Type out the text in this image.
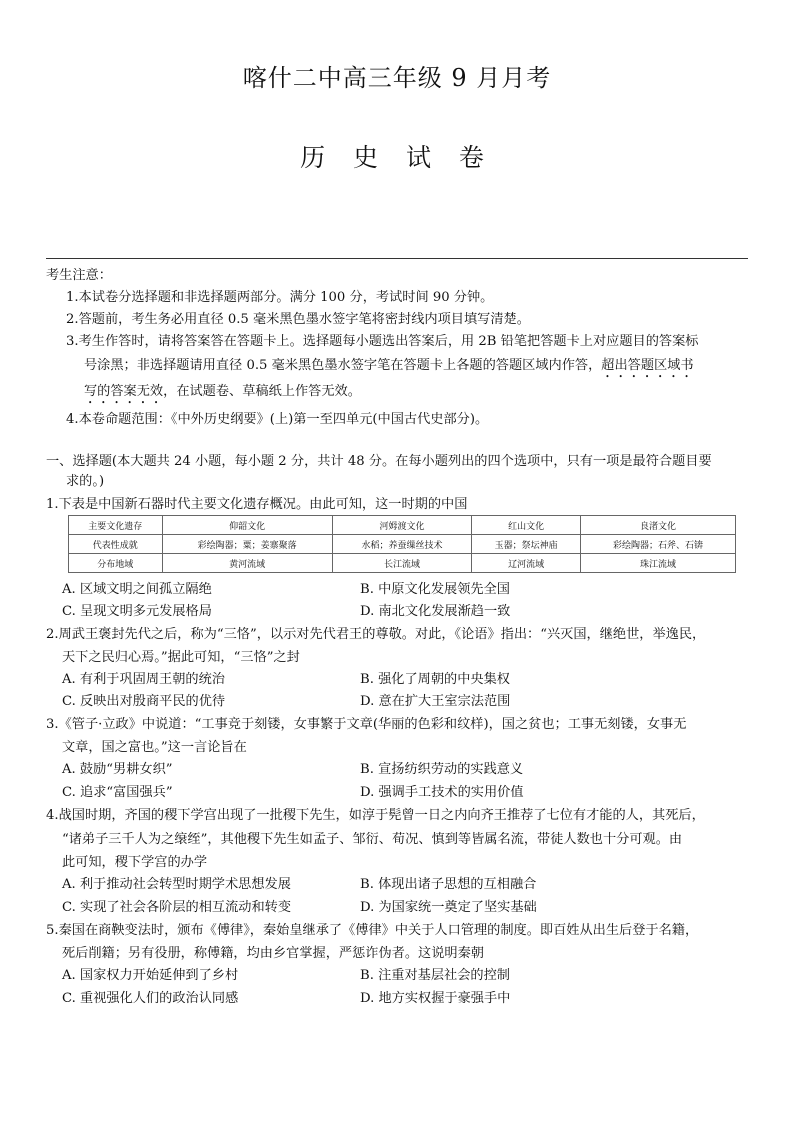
喀什二中高三年级 9 月月考
历 史 试 卷
考生注意：
1.本试卷分选择题和非选择题两部分。满分 100 分，考试时间 90 分钟。
2.答题前，考生务必用直径 0.5 毫米黑色墨水签字笔将密封线内项目填写清楚。
3.考生作答时，请将答案答在答题卡上。选择题每小题选出答案后，用 2B 铅笔把答题卡上对应题目的答案标
号涂黑；非选择题请用直径 0.5 毫米黑色墨水签字笔在答题卡上各题的答题区域内作答，超出答题区域书
写的答案无效，在试题卷、草稿纸上作答无效。
4.本卷命题范围：《中外历史纲要》(上)第一至四单元(中国古代史部分)。
一、选择题(本大题共 24 小题，每小题 2 分，共计 48 分。在每小题列出的四个选项中，只有一项是最符合题目要
求的。)
1.下表是中国新石器时代主要文化遗存概况。由此可知，这一时期的中国
主要文化遗存	仰韶文化	河姆渡文化	红山文化	良渚文化
代表性成就	彩绘陶器；粟；姜寨聚落	水稻；养蚕缫丝技术	玉器；祭坛神庙	彩绘陶器；石斧、石锛
分布地域	黄河流域	长江流域	辽河流域	珠江流域
A. 区域文明之间孤立隔绝	B. 中原文化发展领先全国
C. 呈现文明多元发展格局	D. 南北文化发展渐趋一致
2.周武王褒封先代之后，称为“三恪”，以示对先代君王的尊敬。对此，《论语》指出：“兴灭国，继绝世，举逸民，
天下之民归心焉。”据此可知，“三恪”之封
A. 有利于巩固周王朝的统治	B. 强化了周朝的中央集权
C. 反映出对殷商平民的优待	D. 意在扩大王室宗法范围
3.《管子·立政》中说道：“工事竞于刻镂，女事繁于文章(华丽的色彩和纹样)，国之贫也；工事无刻镂，女事无
文章，国之富也。”这一言论旨在
A. 鼓励“男耕女织”	B. 宣扬纺织劳动的实践意义
C. 追求“富国强兵”	D. 强调手工技术的实用价值
4.战国时期，齐国的稷下学宫出现了一批稷下先生，如淳于髡曾一日之内向齐王推荐了七位有才能的人，其死后，
“诸弟子三千人为之缞绖”，其他稷下先生如孟子、邹衍、荀况、慎到等皆属名流，带徒人数也十分可观。由
此可知，稷下学宫的办学
A. 利于推动社会转型时期学术思想发展	B. 体现出诸子思想的互相融合
C. 实现了社会各阶层的相互流动和转变	D. 为国家统一奠定了坚实基础
5.秦国在商鞅变法时，颁布《傅律》，秦始皇继承了《傅律》中关于人口管理的制度。即百姓从出生后登于名籍，
死后削籍；另有役册，称傅籍，均由乡官掌握，严惩诈伪者。这说明秦朝
A. 国家权力开始延伸到了乡村	B. 注重对基层社会的控制
C. 重视强化人们的政治认同感	D. 地方实权握于豪强手中
